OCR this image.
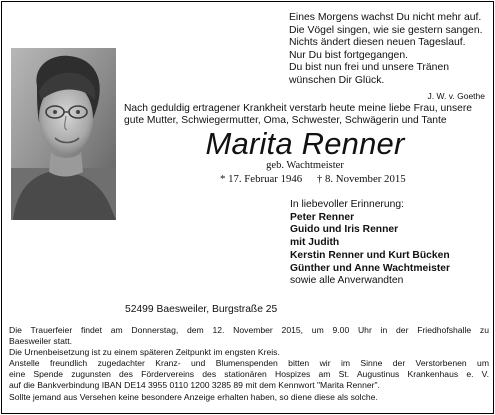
Eines Morgens wachst Du nicht mehr auf.
Die Vögel singen, wie sie gestern sangen.
Nichts ändert diesen neuen Tageslauf.
Nur Du bist fortgegangen.
Du bist nun frei und unsere Tränen
wünschen Dir Glück.
J. W. v. Goethe
Nach geduldig ertragener Krankheit verstarb heute meine liebe Frau, unsere
gute Mutter, Schwiegermutter, Oma, Schwester, Schwägerin und Tante
Marita Renner
geb. Wachtmeister
* 17. Februar 1946 † 8. November 2015
In liebevoller Erinnerung:
Peter Renner
Guido und Iris Renner
mit Judith
Kerstin Renner und Kurt Bücken
Günther und Anne Wachtmeister
sowie alle Anverwandten
52499 Baesweiler, Burgstraße 25
Die Trauerfeier findet am Donnerstag, dem 12. November 2015, um 9.00 Uhr in der Friedhofshalle zu
Baesweiler statt.
Die Urnenbeisetzung ist zu einem späteren Zeitpunkt im engsten Kreis.
Anstelle freundlich zugedachter Kranz- und Blumenspenden bitten wir im Sinne der Verstorbenen um
eine Spende zugunsten des Fördervereins des stationären Hospizes am St. Augustinus Krankenhaus e. V.
auf die Bankverbindung IBAN DE14 3955 0110 1200 3285 89 mit dem Kennwort "Marita Renner".
Sollte jemand aus Versehen keine besondere Anzeige erhalten haben, so diene diese als solche.
